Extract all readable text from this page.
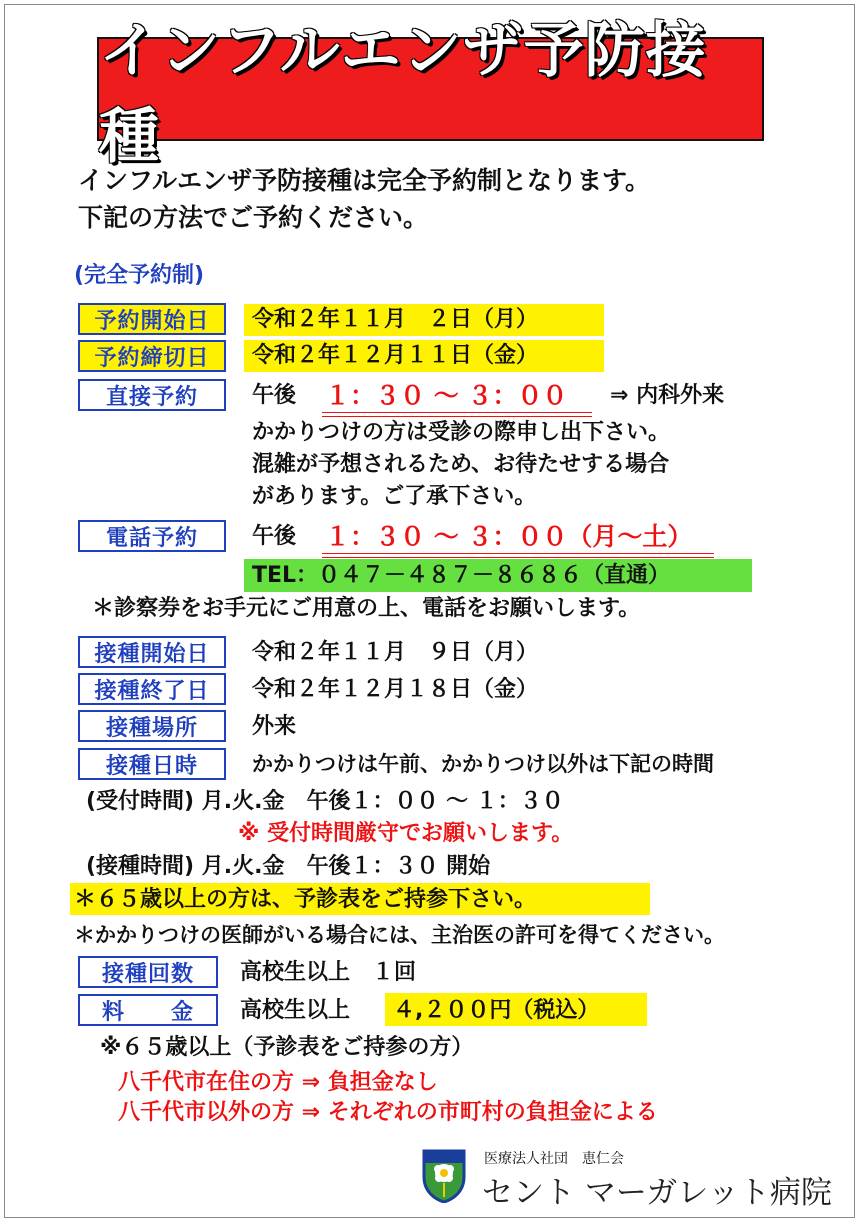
インフルエンザ予防接種
インフルエンザ予防接種は完全予約制となります。
下記の方法でご予約ください。
(完全予約制)
予約開始日	令和２年１１月　２日（月）
予約締切日	令和２年１２月１１日（金）
直接予約	午後 １：３０ ～ ３：００ ⇒ 内科外来
かかりつけの方は受診の際申し出下さい。
混雑が予想されるため、お待たせする場合
があります。ご了承下さい。
電話予約	午後 １：３０ ～ ３：００（月～土）
TEL：０４７－４８７－８６８６（直通）
＊診察券をお手元にご用意の上、電話をお願いします。
接種開始日	令和２年１１月　９日（月）
接種終了日	令和２年１２月１８日（金）
接種場所	外来
接種日時	かかりつけは午前、かかりつけ以外は下記の時間
(受付時間) 月.火.金　午後１：００ ～ １：３０
※ 受付時間厳守でお願いします。
(接種時間) 月.火.金　午後１：３０ 開始
＊６５歳以上の方は、予診表をご持参下さい。
＊かかりつけの医師がいる場合には、主治医の許可を得てください。
接種回数	高校生以上　１回
料　　金	高校生以上 ４,２００円（税込）
※６５歳以上（予診表をご持参の方）
八千代市在住の方 ⇒ 負担金なし
八千代市以外の方 ⇒ それぞれの市町村の負担金による
医療法人社団　恵仁会
セント マーガレット病院
